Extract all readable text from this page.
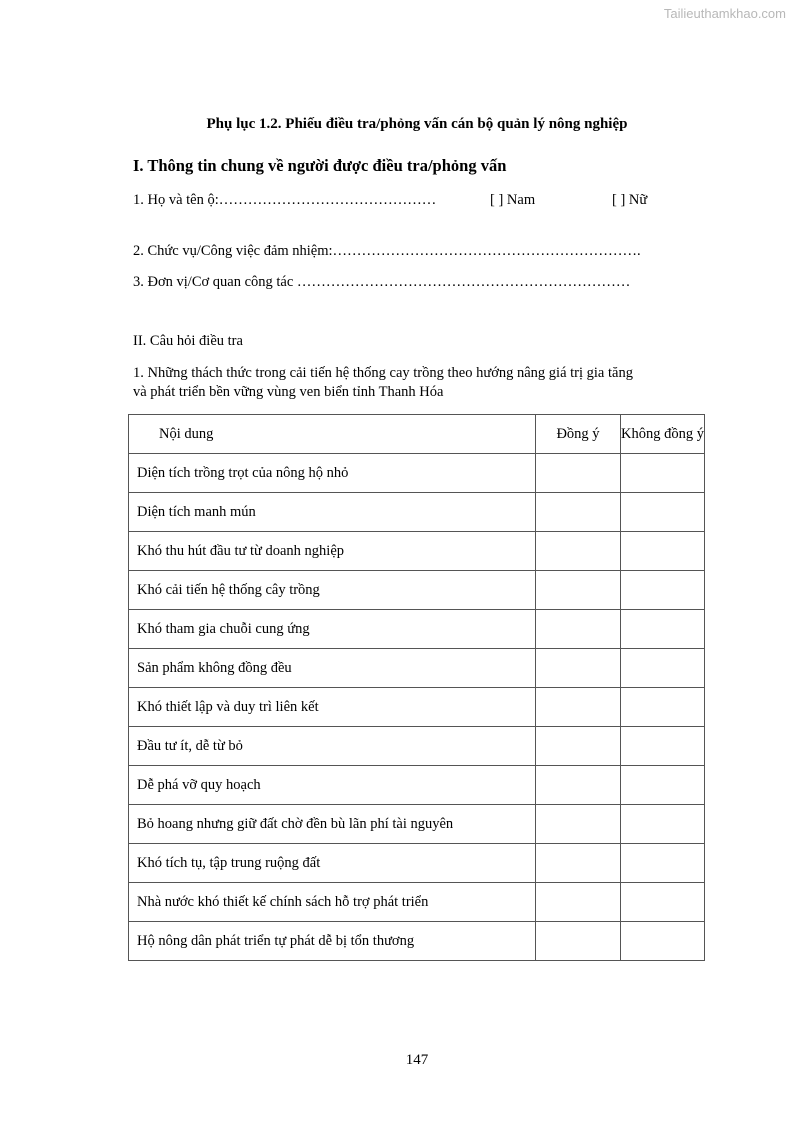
Tailieuthamkhao.com
Phụ lục 1.2. Phiếu điều tra/phỏng vấn cán bộ quản lý nông nghiệp
I. Thông tin chung về người được điều tra/phỏng vấn
1. Họ và tên ộ:………………………………………	[ ] Nam	[ ] Nữ
2. Chức vụ/Công việc đảm nhiệm:……………………………………………………….
3. Đơn vị/Cơ quan công tác ……………………………………………………………
II. Câu hỏi điều tra
1. Những thách thức trong cải tiến hệ thống cay trồng theo hướng nâng giá trị gia tăng
và phát triển bền vững vùng ven biển tỉnh Thanh Hóa
Nội dung	Đồng ý	Không đồng ý
Diện tích trồng trọt của nông hộ nhỏ		
Diện tích manh mún		
Khó thu hút đầu tư từ doanh nghiệp		
Khó cải tiến hệ thống cây trồng		
Khó tham gia chuỗi cung ứng		
Sản phẩm không đồng đều		
Khó thiết lập và duy trì liên kết		
Đầu tư ít, dễ từ bỏ		
Dễ phá vỡ quy hoạch		
Bỏ hoang nhưng giữ đất chờ đền bù lãn phí tài nguyên		
Khó tích tụ, tập trung ruộng đất		
Nhà nước khó thiết kế chính sách hỗ trợ phát triển		
Hộ nông dân phát triển tự phát dễ bị tổn thương		
147
